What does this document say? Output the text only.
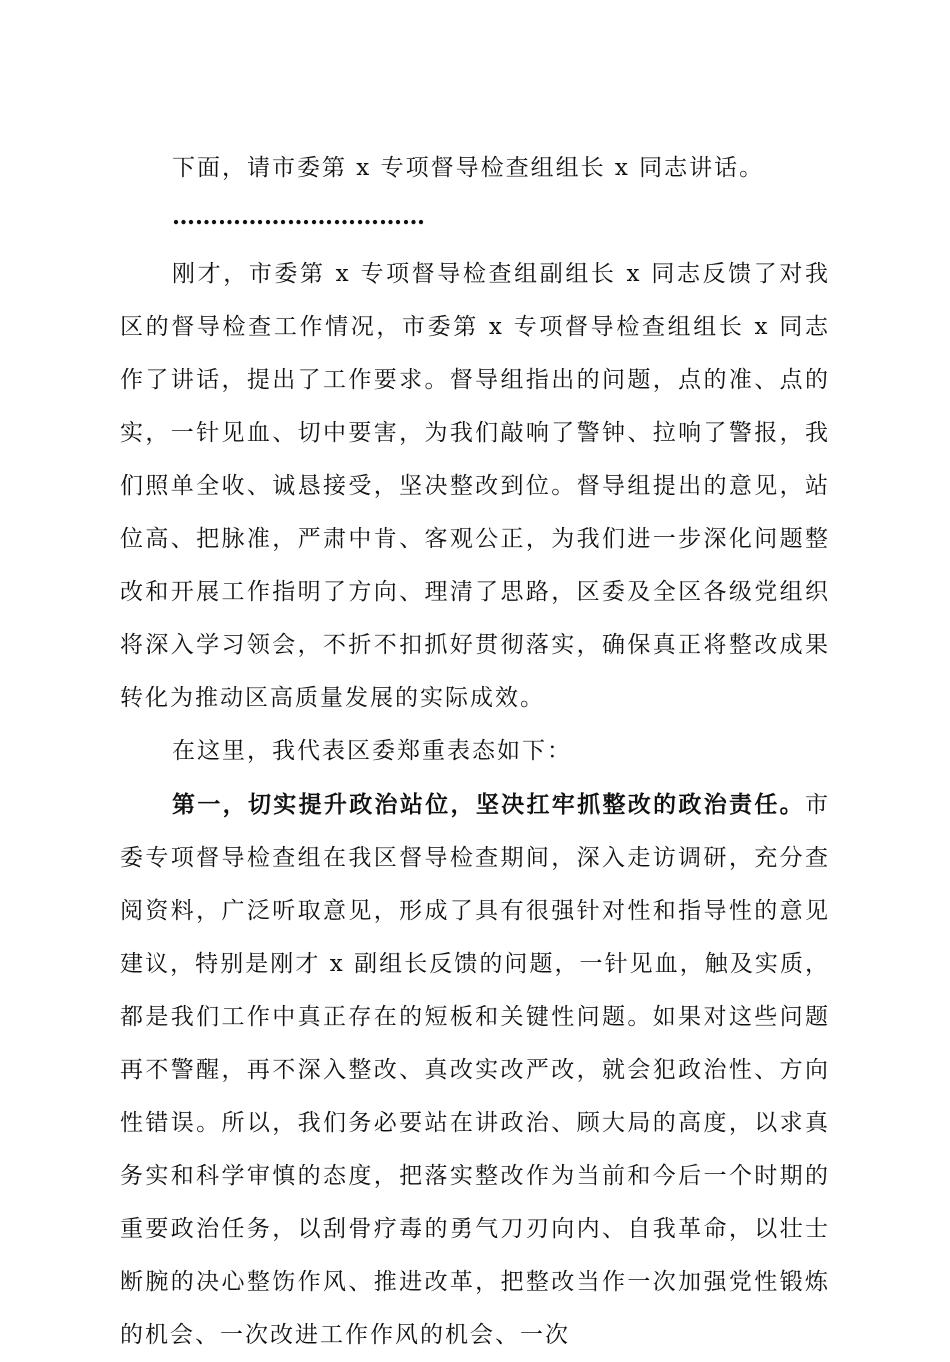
下面，请市委第 x 专项督导检查组组长 x 同志讲话。

……………………………

刚才，市委第 x 专项督导检查组副组长 x 同志反馈了对我区的督导检查工作情况，市委第 x 专项督导检查组组长 x 同志作了讲话，提出了工作要求。督导组指出的问题，点的准、点的实，一针见血、切中要害，为我们敲响了警钟、拉响了警报，我们照单全收、诚恳接受，坚决整改到位。督导组提出的意见，站位高、把脉准，严肃中肯、客观公正，为我们进一步深化问题整改和开展工作指明了方向、理清了思路，区委及全区各级党组织将深入学习领会，不折不扣抓好贯彻落实，确保真正将整改成果转化为推动区高质量发展的实际成效。

在这里，我代表区委郑重表态如下：

第一，切实提升政治站位，坚决扛牢抓整改的政治责任。市委专项督导检查组在我区督导检查期间，深入走访调研，充分查阅资料，广泛听取意见，形成了具有很强针对性和指导性的意见建议，特别是刚才 x 副组长反馈的问题，一针见血，触及实质，都是我们工作中真正存在的短板和关键性问题。如果对这些问题再不警醒，再不深入整改、真改实改严改，就会犯政治性、方向性错误。所以，我们务必要站在讲政治、顾大局的高度，以求真务实和科学审慎的态度，把落实整改作为当前和今后一个时期的重要政治任务，以刮骨疗毒的勇气刀刃向内、自我革命，以壮士断腕的决心整饬作风、推进改革，把整改当作一次加强党性锻炼的机会、一次改进工作作风的机会、一次
